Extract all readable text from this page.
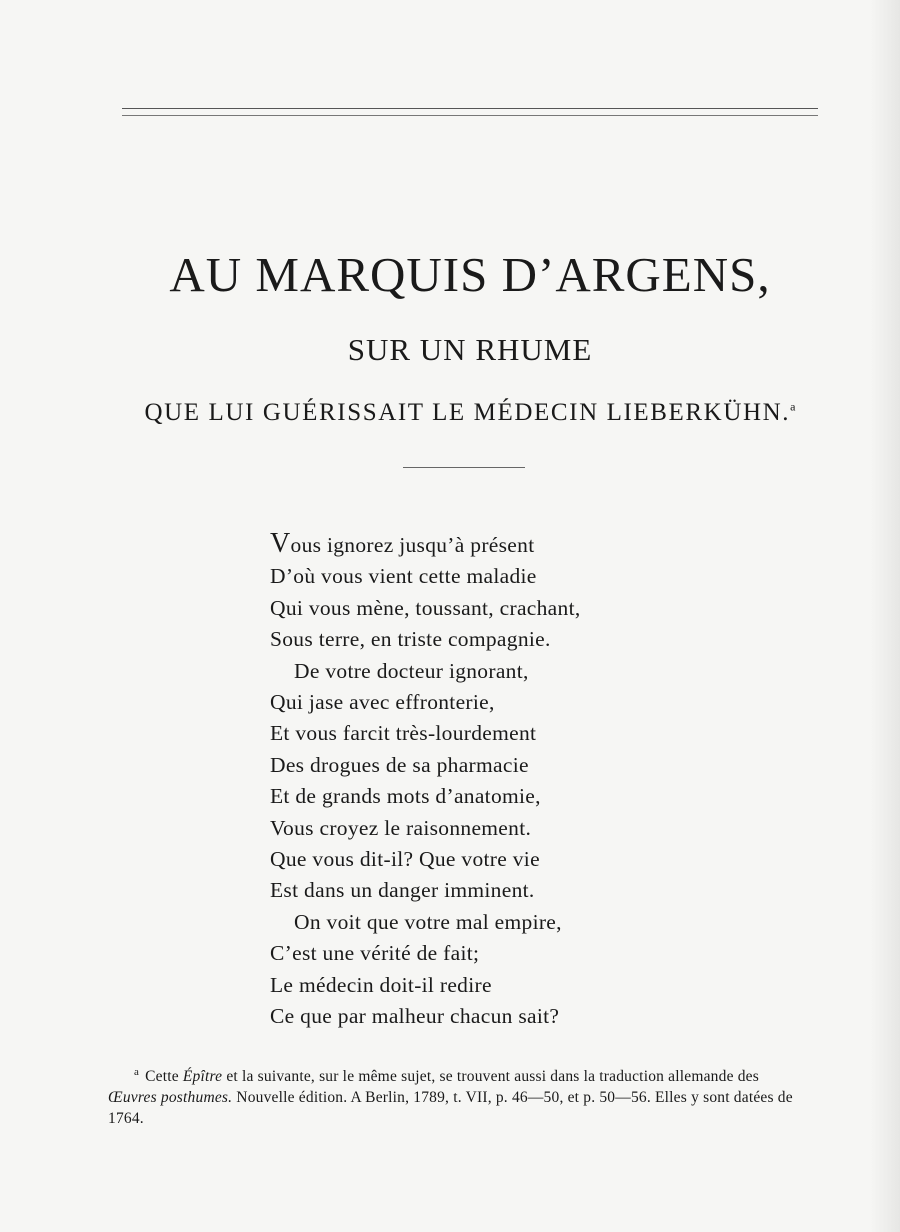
AU MARQUIS D’ARGENS,
SUR UN RHUME
QUE LUI GUÉRISSAIT LE MÉDECIN LIEBERKÜHN.$^a$
Vous ignorez jusqu’à présent
D’où vous vient cette maladie
Qui vous mène, toussant, crachant,
Sous terre, en triste compagnie.
De votre docteur ignorant,
Qui jase avec effronterie,
Et vous farcit très-lourdement
Des drogues de sa pharmacie
Et de grands mots d’anatomie,
Vous croyez le raisonnement.
Que vous dit-il? Que votre vie
Est dans un danger imminent.
On voit que votre mal empire,
C’est une vérité de fait;
Le médecin doit-il redire
Ce que par malheur chacun sait?
$^a$ Cette Épître et la suivante, sur le même sujet, se trouvent aussi dans la traduction allemande des Œuvres posthumes. Nouvelle édition. A Berlin, 1789, t. VII, p. 46—50, et p. 50—56. Elles y sont datées de 1764.
